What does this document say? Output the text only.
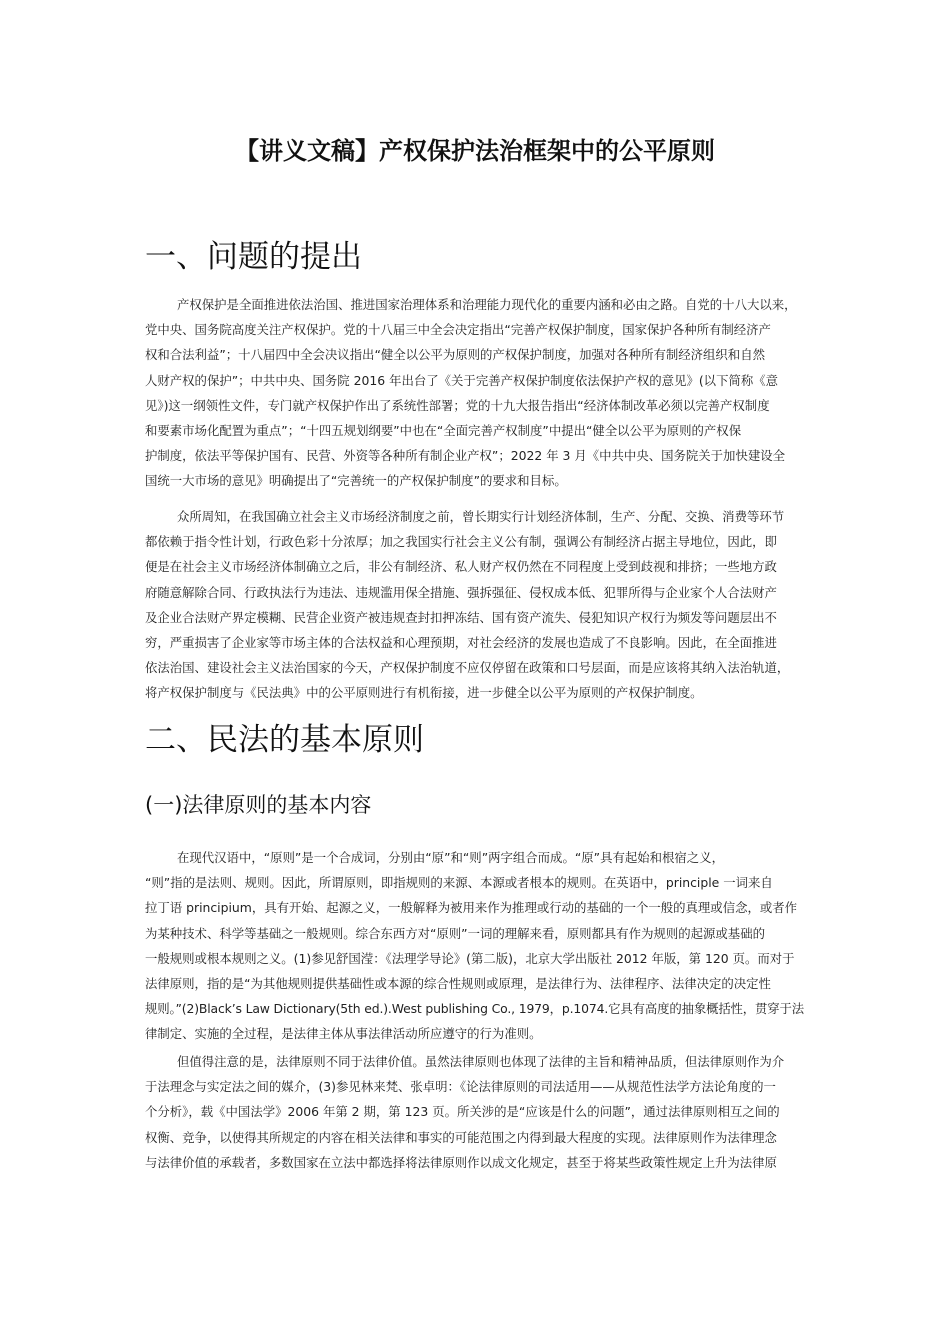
【讲义文稿】产权保护法治框架中的公平原则
一、问题的提出
产权保护是全面推进依法治国、推进国家治理体系和治理能力现代化的重要内涵和必由之路。自党的十八大以来，
党中央、国务院高度关注产权保护。党的十八届三中全会决定指出“完善产权保护制度，国家保护各种所有制经济产
权和合法利益”；十八届四中全会决议指出“健全以公平为原则的产权保护制度，加强对各种所有制经济组织和自然
人财产权的保护”；中共中央、国务院 2016 年出台了《关于完善产权保护制度依法保护产权的意见》(以下简称《意
见》)这一纲领性文件，专门就产权保护作出了系统性部署；党的十九大报告指出“经济体制改革必须以完善产权制度
和要素市场化配置为重点”；“十四五规划纲要”中也在“全面完善产权制度”中提出“健全以公平为原则的产权保
护制度，依法平等保护国有、民营、外资等各种所有制企业产权”；2022 年 3 月《中共中央、国务院关于加快建设全
国统一大市场的意见》明确提出了“完善统一的产权保护制度”的要求和目标。
众所周知，在我国确立社会主义市场经济制度之前，曾长期实行计划经济体制，生产、分配、交换、消费等环节
都依赖于指令性计划，行政色彩十分浓厚；加之我国实行社会主义公有制，强调公有制经济占据主导地位，因此，即
便是在社会主义市场经济体制确立之后，非公有制经济、私人财产权仍然在不同程度上受到歧视和排挤；一些地方政
府随意解除合同、行政执法行为违法、违规滥用保全措施、强拆强征、侵权成本低、犯罪所得与企业家个人合法财产
及企业合法财产界定模糊、民营企业资产被违规查封扣押冻结、国有资产流失、侵犯知识产权行为频发等问题层出不
穷，严重损害了企业家等市场主体的合法权益和心理预期，对社会经济的发展也造成了不良影响。因此，在全面推进
依法治国、建设社会主义法治国家的今天，产权保护制度不应仅停留在政策和口号层面，而是应该将其纳入法治轨道，
将产权保护制度与《民法典》中的公平原则进行有机衔接，进一步健全以公平为原则的产权保护制度。
二、民法的基本原则
(一)法律原则的基本内容
在现代汉语中，“原则”是一个合成词，分别由“原”和“则”两字组合而成。“原”具有起始和根宿之义，
“则”指的是法则、规则。因此，所谓原则，即指规则的来源、本源或者根本的规则。在英语中，principle 一词来自
拉丁语 principium，具有开始、起源之义，一般解释为被用来作为推理或行动的基础的一个一般的真理或信念，或者作
为某种技术、科学等基础之一般规则。综合东西方对“原则”一词的理解来看，原则都具有作为规则的起源或基础的
一般规则或根本规则之义。(1)参见舒国滢：《法理学导论》(第二版)，北京大学出版社 2012 年版，第 120 页。而对于
法律原则，指的是“为其他规则提供基础性或本源的综合性规则或原理，是法律行为、法律程序、法律决定的决定性
规则。”(2)Black’s Law Dictionary(5th ed.).West publishing Co., 1979，p.1074.它具有高度的抽象概括性，贯穿于法
律制定、实施的全过程，是法律主体从事法律活动所应遵守的行为准则。
但值得注意的是，法律原则不同于法律价值。虽然法律原则也体现了法律的主旨和精神品质，但法律原则作为介
于法理念与实定法之间的媒介，(3)参见林来梵、张卓明：《论法律原则的司法适用——从规范性法学方法论角度的一
个分析》，载《中国法学》2006 年第 2 期，第 123 页。所关涉的是“应该是什么的问题”，通过法律原则相互之间的
权衡、竞争，以使得其所规定的内容在相关法律和事实的可能范围之内得到最大程度的实现。法律原则作为法律理念
与法律价值的承载者，多数国家在立法中都选择将法律原则作以成文化规定，甚至于将某些政策性规定上升为法律原
